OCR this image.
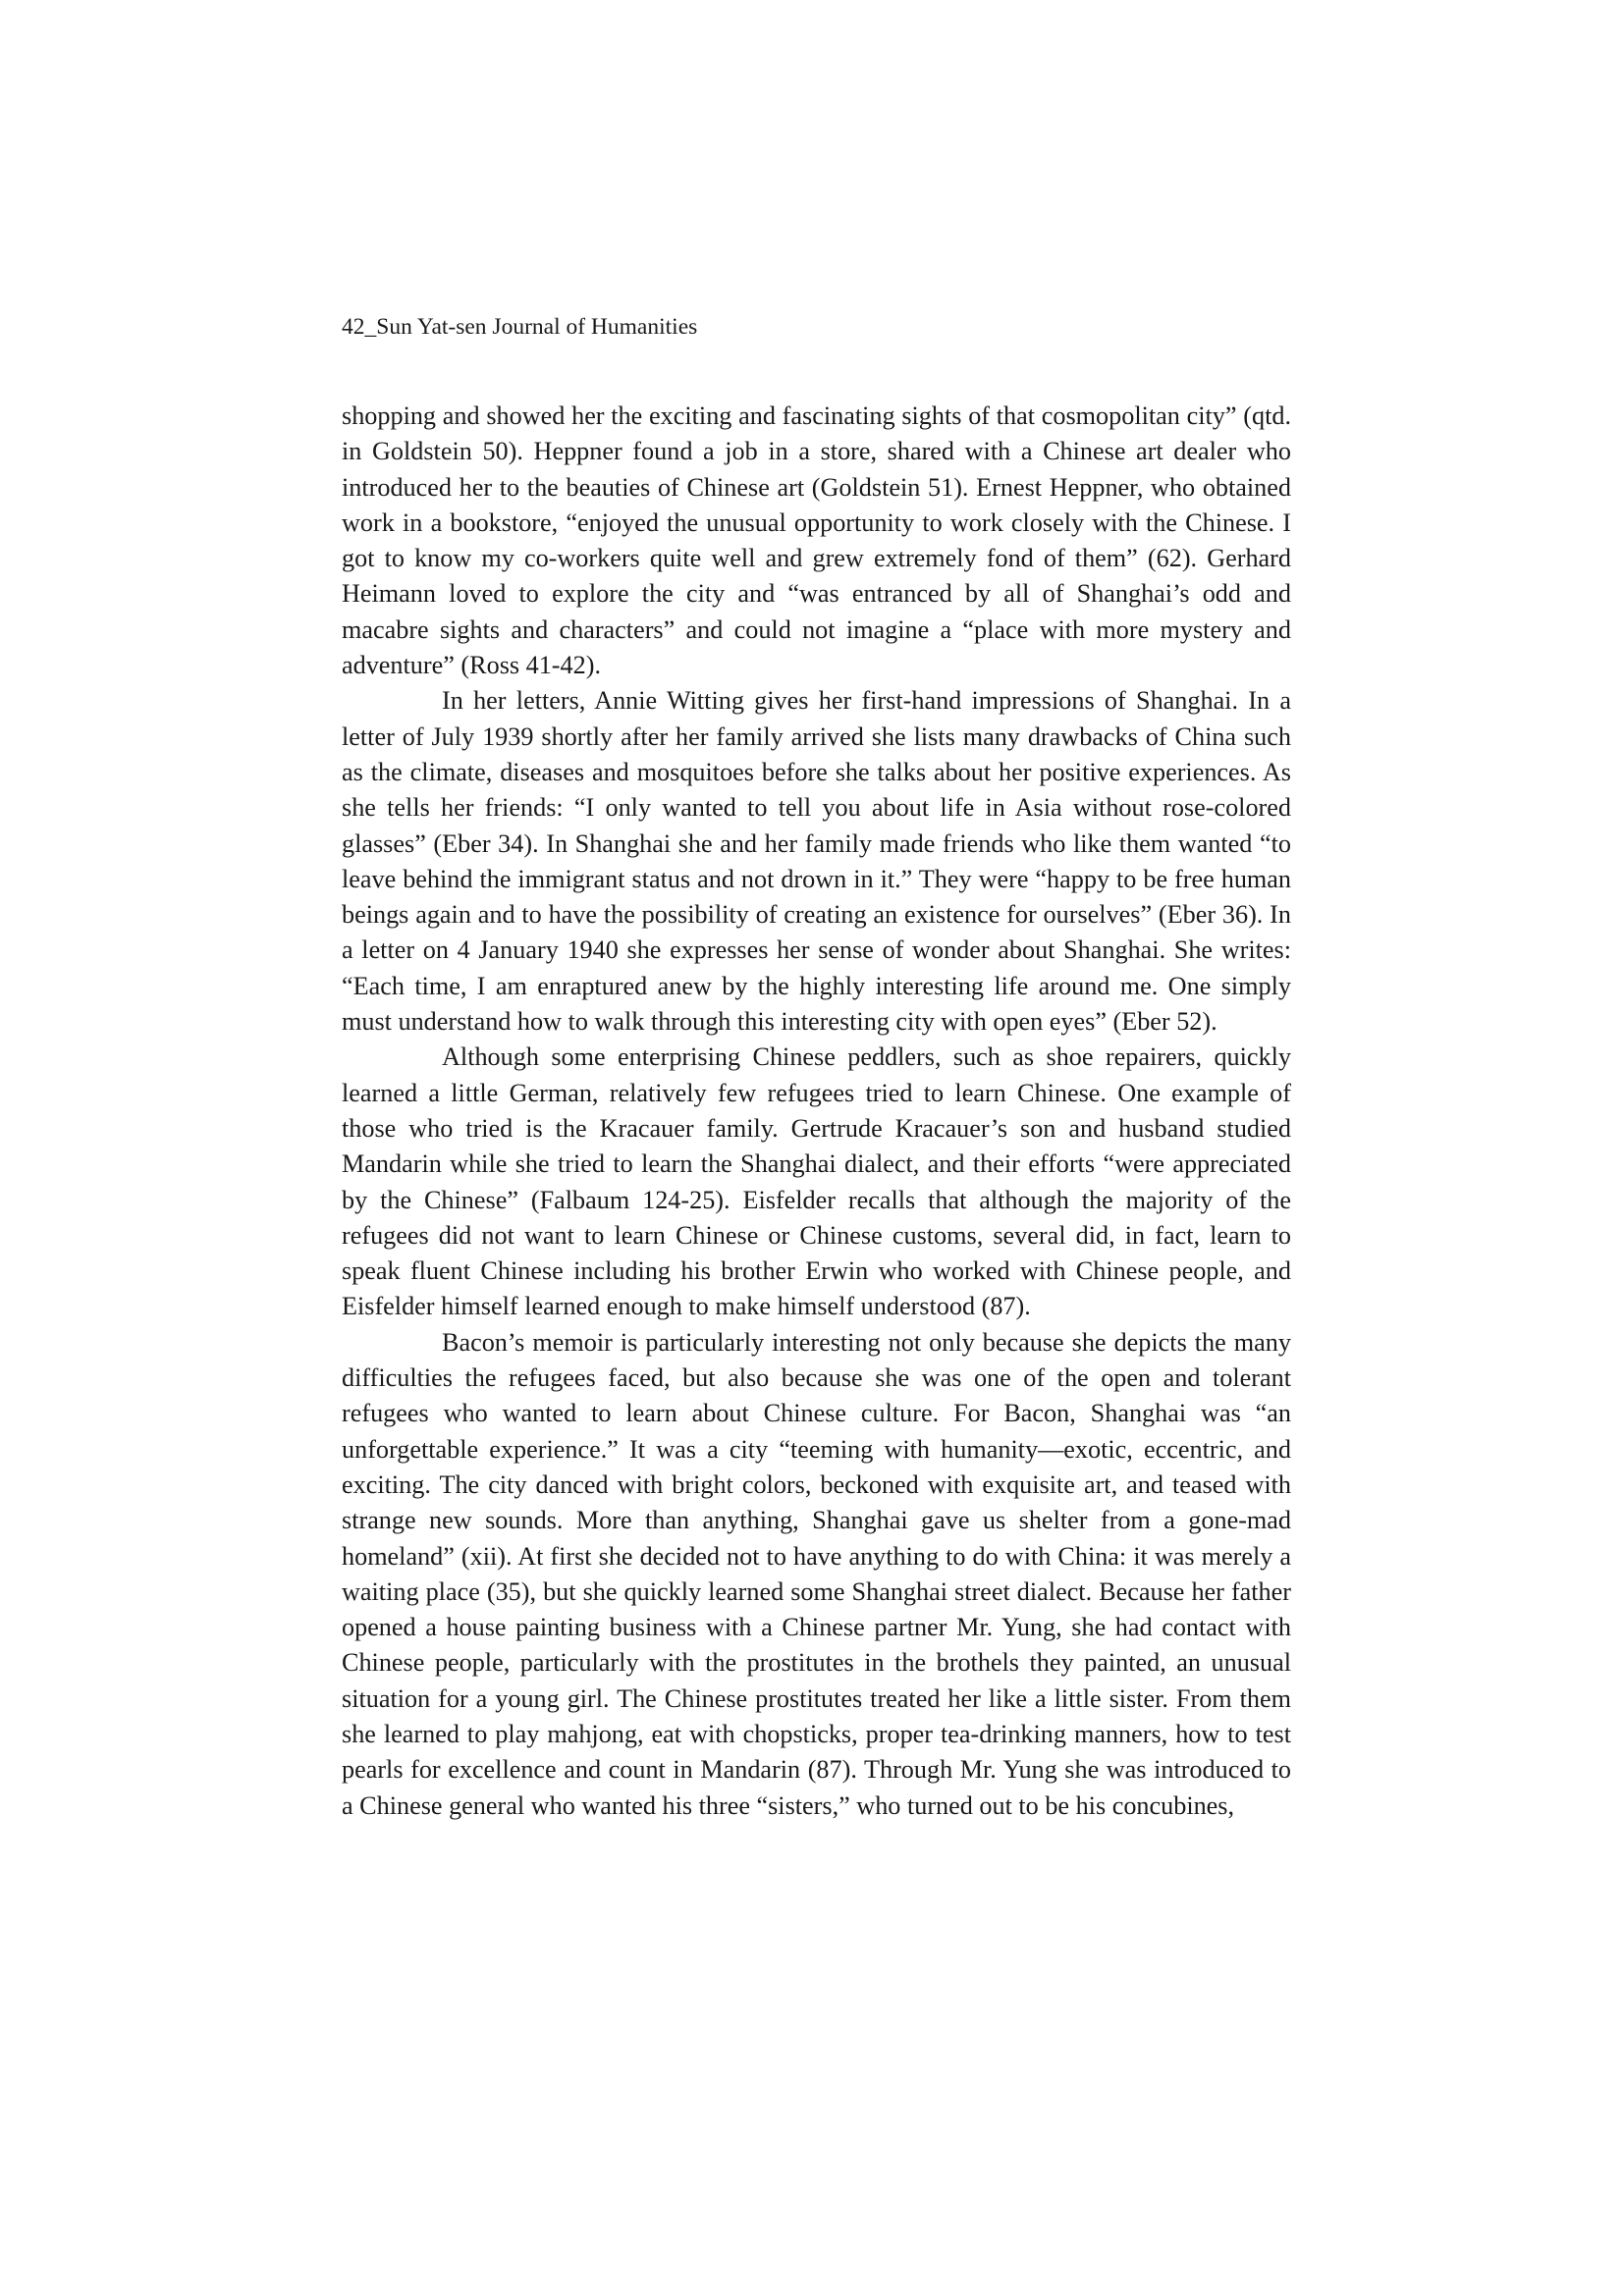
42_Sun Yat-sen Journal of Humanities

shopping and showed her the exciting and fascinating sights of that cosmopolitan city” (qtd. in Goldstein 50). Heppner found a job in a store, shared with a Chinese art dealer who introduced her to the beauties of Chinese art (Goldstein 51). Ernest Heppner, who obtained work in a bookstore, “enjoyed the unusual opportunity to work closely with the Chinese. I got to know my co-workers quite well and grew extremely fond of them” (62). Gerhard Heimann loved to explore the city and “was entranced by all of Shanghai’s odd and macabre sights and characters” and could not imagine a “place with more mystery and adventure” (Ross 41-42).

In her letters, Annie Witting gives her first-hand impressions of Shanghai. In a letter of July 1939 shortly after her family arrived she lists many drawbacks of China such as the climate, diseases and mosquitoes before she talks about her positive experiences. As she tells her friends: “I only wanted to tell you about life in Asia without rose-colored glasses” (Eber 34). In Shanghai she and her family made friends who like them wanted “to leave behind the immigrant status and not drown in it.” They were “happy to be free human beings again and to have the possibility of creating an existence for ourselves” (Eber 36). In a letter on 4 January 1940 she expresses her sense of wonder about Shanghai. She writes: “Each time, I am enraptured anew by the highly interesting life around me. One simply must understand how to walk through this interesting city with open eyes” (Eber 52).

Although some enterprising Chinese peddlers, such as shoe repairers, quickly learned a little German, relatively few refugees tried to learn Chinese. One example of those who tried is the Kracauer family. Gertrude Kracauer’s son and husband studied Mandarin while she tried to learn the Shanghai dialect, and their efforts “were appreciated by the Chinese” (Falbaum 124-25). Eisfelder recalls that although the majority of the refugees did not want to learn Chinese or Chinese customs, several did, in fact, learn to speak fluent Chinese including his brother Erwin who worked with Chinese people, and Eisfelder himself learned enough to make himself understood (87).

Bacon’s memoir is particularly interesting not only because she depicts the many difficulties the refugees faced, but also because she was one of the open and tolerant refugees who wanted to learn about Chinese culture. For Bacon, Shanghai was “an unforgettable experience.” It was a city “teeming with humanity—exotic, eccentric, and exciting. The city danced with bright colors, beckoned with exquisite art, and teased with strange new sounds. More than anything, Shanghai gave us shelter from a gone-mad homeland” (xii). At first she decided not to have anything to do with China: it was merely a waiting place (35), but she quickly learned some Shanghai street dialect. Because her father opened a house painting business with a Chinese partner Mr. Yung, she had contact with Chinese people, particularly with the prostitutes in the brothels they painted, an unusual situation for a young girl. The Chinese prostitutes treated her like a little sister. From them she learned to play mahjong, eat with chopsticks, proper tea-drinking manners, how to test pearls for excellence and count in Mandarin (87). Through Mr. Yung she was introduced to a Chinese general who wanted his three “sisters,” who turned out to be his concubines,
